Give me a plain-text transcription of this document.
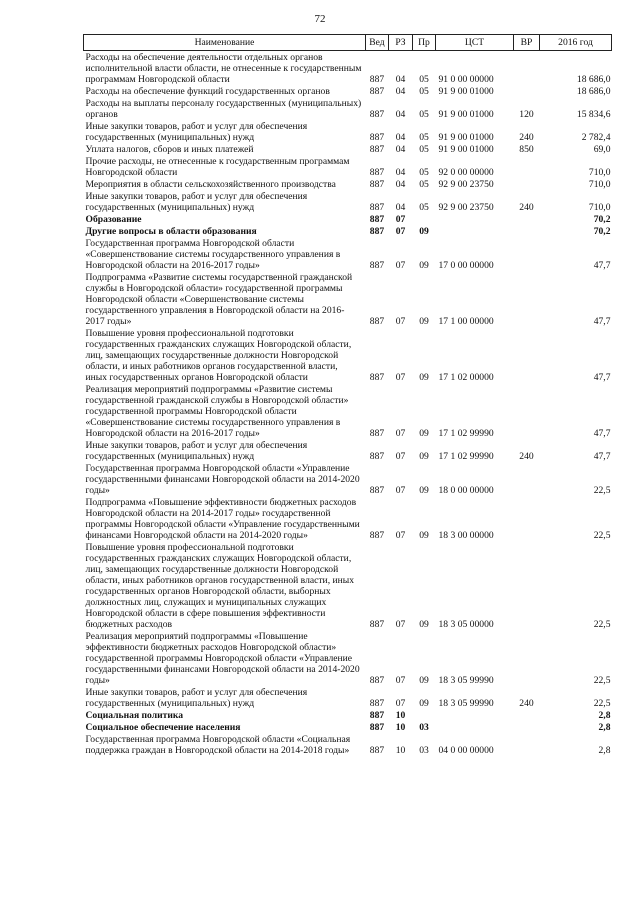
72

Наименование	Вед	РЗ	Пр	ЦСТ	ВР	2016 год
Расходы на обеспечение деятельности отдельных органов исполнительной власти области, не отнесенные к государственным программам Новгородской области	887	04	05	91 0 00 00000		18 686,0
Расходы на обеспечение функций государственных органов	887	04	05	91 9 00 01000		18 686,0
Расходы на выплаты персоналу государственных (муниципальных) органов	887	04	05	91 9 00 01000	120	15 834,6
Иные закупки товаров, работ и услуг для обеспечения государственных (муниципальных) нужд	887	04	05	91 9 00 01000	240	2 782,4
Уплата налогов, сборов и иных платежей	887	04	05	91 9 00 01000	850	69,0
Прочие расходы, не отнесенные к государственным программам Новгородской области	887	04	05	92 0 00 00000		710,0
Мероприятия в области сельскохозяйственного производства	887	04	05	92 9 00 23750		710,0
Иные закупки товаров, работ и услуг для обеспечения государственных (муниципальных) нужд	887	04	05	92 9 00 23750	240	710,0
Образование	887	07				70,2
Другие вопросы в области образования	887	07	09			70,2
Государственная программа Новгородской области «Совершенствование системы государственного управления в Новгородской области на 2016-2017 годы»	887	07	09	17 0 00 00000		47,7
Подпрограмма «Развитие системы государственной гражданской службы в Новгородской области» государственной программы Новгородской области «Совершенствование системы государственного управления в Новгородской области на 2016-2017 годы»	887	07	09	17 1 00 00000		47,7
Повышение уровня профессиональной подготовки государственных гражданских служащих Новгородской области, лиц, замещающих государственные должности Новгородской области, и иных работников органов государственной власти, иных государственных органов Новгородской области	887	07	09	17 1 02 00000		47,7
Реализация мероприятий подпрограммы «Развитие системы государственной гражданской службы в Новгородской области» государственной программы Новгородской области «Совершенствование системы государственного управления в Новгородской области на 2016-2017 годы»	887	07	09	17 1 02 99990		47,7
Иные закупки товаров, работ и услуг для обеспечения государственных (муниципальных) нужд	887	07	09	17 1 02 99990	240	47,7
Государственная программа Новгородской области «Управление государственными финансами Новгородской области на 2014-2020 годы»	887	07	09	18 0 00 00000		22,5
Подпрограмма «Повышение эффективности бюджетных расходов Новгородской области на 2014-2017 годы» государственной программы Новгородской области «Управление государственными финансами Новгородской области на 2014-2020 годы»	887	07	09	18 3 00 00000		22,5
Повышение уровня профессиональной подготовки государственных гражданских служащих Новгородской области, лиц, замещающих государственные должности Новгородской области, иных работников органов государственной власти, иных государственных органов Новгородской области, выборных должностных лиц, служащих и муниципальных служащих Новгородской области в сфере повышения эффективности бюджетных расходов	887	07	09	18 3 05 00000		22,5
Реализация мероприятий подпрограммы «Повышение эффективности бюджетных расходов Новгородской области» государственной программы Новгородской области «Управление государственными финансами Новгородской области на 2014-2020 годы»	887	07	09	18 3 05 99990		22,5
Иные закупки товаров, работ и услуг для обеспечения государственных (муниципальных) нужд	887	07	09	18 3 05 99990	240	22,5
Социальная политика	887	10				2,8
Социальное обеспечение населения	887	10	03			2,8
Государственная программа Новгородской области «Социальная поддержка граждан в Новгородской области на 2014-2018 годы»	887	10	03	04 0 00 00000		2,8
